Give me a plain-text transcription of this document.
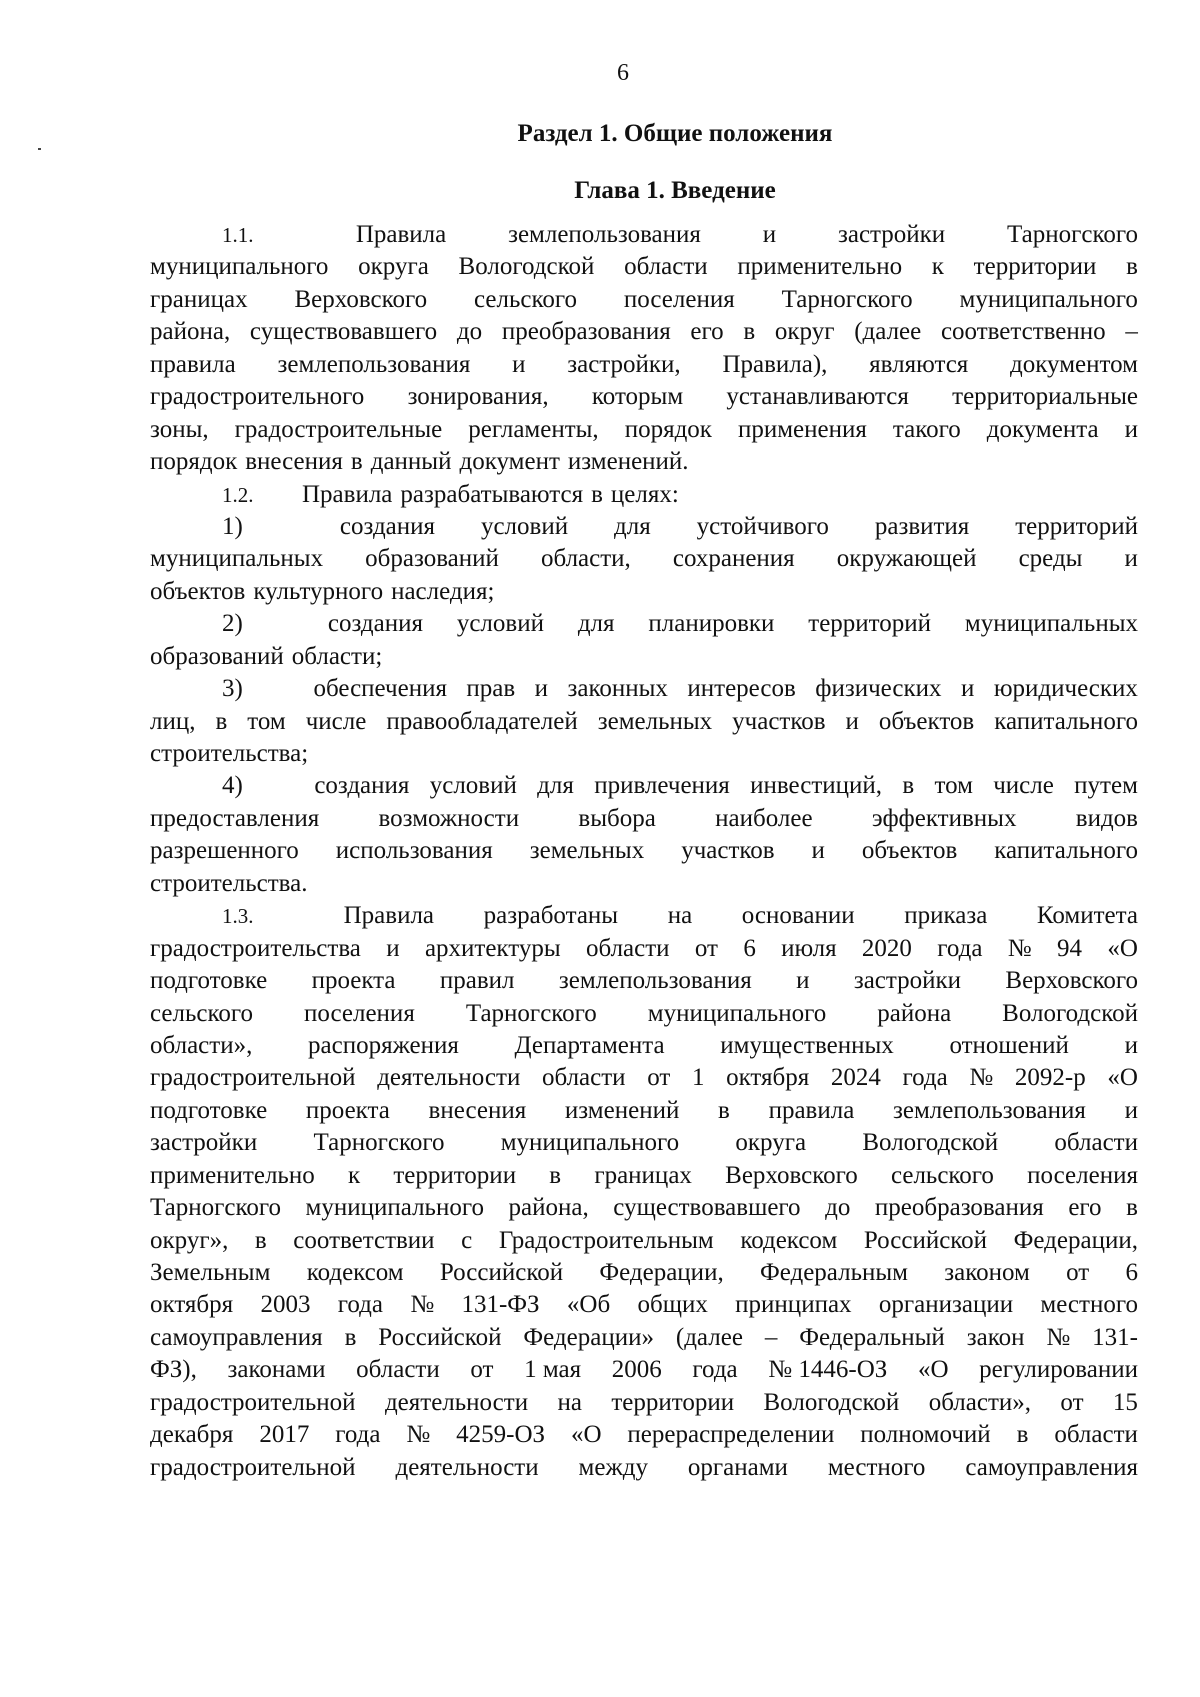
6
Раздел 1. Общие положения
Глава 1. Введение
1.1.	Правила землепользования и застройки Тарногского
муниципального округа Вологодской области применительно к территории в
границах Верховского сельского поселения Тарногского муниципального
района, существовавшего до преобразования его в округ (далее соответственно –
правила землепользования и застройки, Правила), являются документом
градостроительного зонирования, которым устанавливаются территориальные
зоны, градостроительные регламенты, порядок применения такого документа и
порядок внесения в данный документ изменений.
1.2.	Правила разрабатываются в целях:
1)	создания условий для устойчивого развития территорий
муниципальных образований области, сохранения окружающей среды и
объектов культурного наследия;
2)	создания условий для планировки территорий муниципальных
образований области;
3)	обеспечения прав и законных интересов физических и юридических
лиц, в том числе правообладателей земельных участков и объектов капитального
строительства;
4)	создания условий для привлечения инвестиций, в том числе путем
предоставления возможности выбора наиболее эффективных видов
разрешенного использования земельных участков и объектов капитального
строительства.
1.3.	Правила разработаны на основании приказа Комитета
градостроительства и архитектуры области от 6 июля 2020 года № 94 «О
подготовке проекта правил землепользования и застройки Верховского
сельского поселения Тарногского муниципального района Вологодской
области», распоряжения Департамента имущественных отношений и
градостроительной деятельности области от 1 октября 2024 года № 2092-р «О
подготовке проекта внесения изменений в правила землепользования и
застройки Тарногского муниципального округа Вологодской области
применительно к территории в границах Верховского сельского поселения
Тарногского муниципального района, существовавшего до преобразования его в
округ», в соответствии с Градостроительным кодексом Российской Федерации,
Земельным кодексом Российской Федерации, Федеральным законом от 6
октября 2003 года № 131-ФЗ «Об общих принципах организации местного
самоуправления в Российской Федерации» (далее – Федеральный закон № 131-
ФЗ), законами области от 1 мая 2006 года № 1446-ОЗ «О регулировании
градостроительной деятельности на территории Вологодской области», от 15
декабря 2017 года № 4259-ОЗ «О перераспределении полномочий в области
градостроительной деятельности между органами местного самоуправления
